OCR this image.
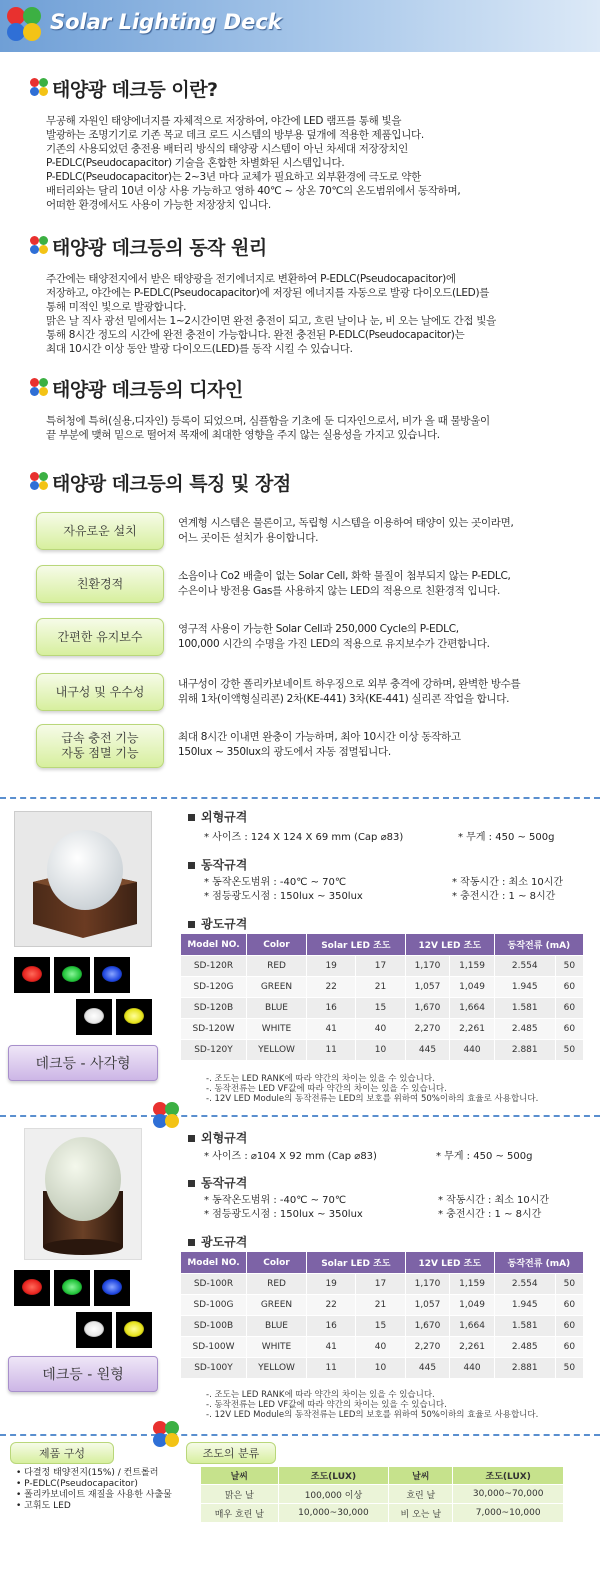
Solar Lighting Deck
태양광 데크등 이란?
무공해 자원인 태양에너지를 자체적으로 저장하여, 야간에 LED 램프를 통해 빛을
발광하는 조명기기로 기존 목교 데크 로드 시스템의 방부용 덮개에 적용한 제품입니다.
기존의 사용되었던 충전용 배터리 방식의 태양광 시스템이 아닌 차세대 저장장치인
P-EDLC(Pseudocapacitor) 기술을 혼합한 차별화된 시스템입니다.
P-EDLC(Pseudocapacitor)는 2~3년 마다 교체가 필요하고 외부환경에 극도로 약한
배터리와는 달리 10년 이상 사용 가능하고 영하 40℃ ~ 상온 70℃의 온도범위에서 동작하며,
어떠한 환경에서도 사용이 가능한 저장장치 입니다.
태양광 데크등의 동작 원리
주간에는 태양전지에서 받은 태양광을 전기에너지로 변환하여 P-EDLC(Pseudocapacitor)에
저장하고, 야간에는 P-EDLC(Pseudocapacitor)에 저장된 에너지를 자동으로 발광 다이오드(LED)를
통해 미적인 빛으로 발광합니다.
맑은 날 직사 광선 밑에서는 1~2시간이면 완전 충전이 되고, 흐린 날이나 눈, 비 오는 날에도 간접 빛을
통해 8시간 정도의 시간에 완전 충전이 가능합니다. 완전 충전된 P-EDLC(Pseudocapacitor)는
최대 10시간 이상 동안 발광 다이오드(LED)를 동작 시킬 수 있습니다.
태양광 데크등의 디자인
특허청에 특허(실용,디자인) 등록이 되었으며, 심플함을 기초에 둔 디자인으로서, 비가 올 때 물방울이
끝 부분에 맺혀 밑으로 떨어져 목재에 최대한 영향을 주지 않는 실용성을 가지고 있습니다.
태양광 데크등의 특징 및 장점
자유로운 설치
연계형 시스템은 물론이고, 독립형 시스템을 이용하여 태양이 있는 곳이라면,
어느 곳이든 설치가 용이합니다.
친환경적
소음이나 Co2 배출이 없는 Solar Cell, 화학 물질이 첨부되지 않는 P-EDLC,
수은이나 방전용 Gas를 사용하지 않는 LED의 적용으로 친환경적 입니다.
간편한 유지보수
영구적 사용이 가능한 Solar Cell과 250,000 Cycle의 P-EDLC,
100,000 시간의 수명을 가진 LED의 적용으로 유지보수가 간편합니다.
내구성 및 우수성
내구성이 강한 폴리카보네이트 하우징으로 외부 충격에 강하며, 완벽한 방수를
위해 1차(이액형실리콘) 2차(KE-441) 3차(KE-441) 실리콘 작업을 합니다.
급속 충전 기능
자동 점멸 기능
최대 8시간 이내면 완충이 가능하며, 최아 10시간 이상 동작하고
150lux ~ 350lux의 광도에서 자동 점멸됩니다.
데크등 - 사각형
외형규격
* 사이즈 : 124 X 124 X 69 mm (Cap ⌀83)	* 무게 : 450 ~ 500g
동작규격
* 동작온도범위 : -40℃ ~ 70℃	* 작동시간 : 최소 10시간
* 점등광도시점 : 150lux ~ 350lux	* 충전시간 : 1 ~ 8시간
광도규격
Model NO.	Color	Solar LED 조도		12V LED 조도		동작전류 (mA)	
SD-120R	RED	19	17	1,170	1,159	2.554	50
SD-120G	GREEN	22	21	1,057	1,049	1.945	60
SD-120B	BLUE	16	15	1,670	1,664	1.581	60
SD-120W	WHITE	41	40	2,270	2,261	2.485	60
SD-120Y	YELLOW	11	10	445	440	2.881	50
-. 조도는 LED RANK에 따라 약간의 차이는 있을 수 있습니다.
-. 동작전류는 LED VF값에 따라 약간의 차이는 있을 수 있습니다.
-. 12V LED Module의 동작전류는 LED의 보호를 위하여 50%이하의 효율로 사용합니다.
데크등 - 원형
외형규격
* 사이즈 : ⌀104 X 92 mm (Cap ⌀83)	* 무게 : 450 ~ 500g
동작규격
* 동작온도범위 : -40℃ ~ 70℃	* 작동시간 : 최소 10시간
* 점등광도시점 : 150lux ~ 350lux	* 충전시간 : 1 ~ 8시간
광도규격
Model NO.	Color	Solar LED 조도		12V LED 조도		동작전류 (mA)	
SD-100R	RED	19	17	1,170	1,159	2.554	50
SD-100G	GREEN	22	21	1,057	1,049	1.945	60
SD-100B	BLUE	16	15	1,670	1,664	1.581	60
SD-100W	WHITE	41	40	2,270	2,261	2.485	60
SD-100Y	YELLOW	11	10	445	440	2.881	50
-. 조도는 LED RANK에 따라 약간의 차이는 있을 수 있습니다.
-. 동작전류는 LED VF값에 따라 약간의 차이는 있을 수 있습니다.
-. 12V LED Module의 동작전류는 LED의 보호를 위하여 50%이하의 효율로 사용합니다.
제품 구성
• 다결정 태양전지(15%) / 컨트롤러
• P-EDLC(Pseudocapacitor)
• 폴리카보네이트 재질을 사용한 사출물
• 고휘도 LED
조도의 분류
날씨	조도(LUX)	날씨	조도(LUX)
맑은 날	100,000 이상	흐린 날	30,000~70,000
매우 흐린 날	10,000~30,000	비 오는 날	7,000~10,000
